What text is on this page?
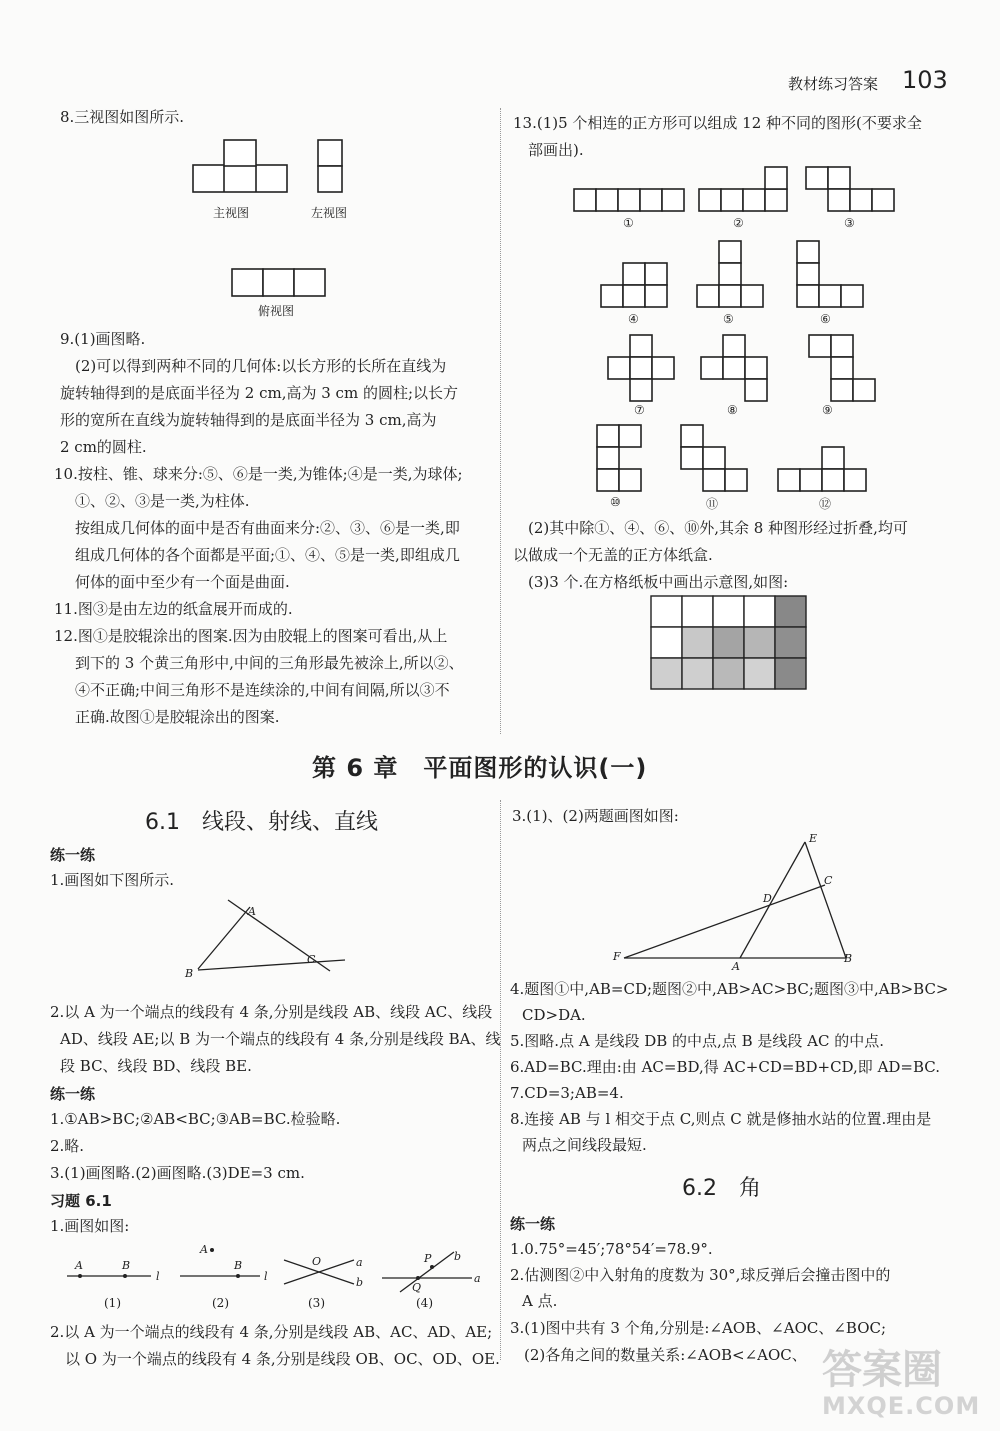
教材练习答案 103
8.三视图如图所示.
主视图	左视图
俯视图
9.(1)画图略.
(2)可以得到两种不同的几何体:以长方形的长所在直线为
旋转轴得到的是底面半径为 2 cm,高为 3 cm 的圆柱;以长方
形的宽所在直线为旋转轴得到的是底面半径为 3 cm,高为
2 cm的圆柱.
10.按柱、锥、球来分:⑤、⑥是一类,为锥体;④是一类,为球体;
①、②、③是一类,为柱体.
按组成几何体的面中是否有曲面来分:②、③、⑥是一类,即
组成几何体的各个面都是平面;①、④、⑤是一类,即组成几
何体的面中至少有一个面是曲面.
11.图③是由左边的纸盒展开而成的.
12.图①是胶辊涂出的图案.因为由胶辊上的图案可看出,从上
到下的 3 个黄三角形中,中间的三角形最先被涂上,所以②、
④不正确;中间三角形不是连续涂的,中间有间隔,所以③不
正确.故图①是胶辊涂出的图案.
13.(1)5 个相连的正方形可以组成 12 种不同的图形(不要求全
部画出).
①	②	③
④	⑤	⑥
⑦	⑧	⑨
⑩	⑪	⑫
(2)其中除①、④、⑥、⑩外,其余 8 种图形经过折叠,均可
以做成一个无盖的正方体纸盒.
(3)3 个.在方格纸板中画出示意图,如图:
第 6 章　平面图形的认识(一)
6.1　线段、射线、直线
练一练
1.画图如下图所示.
A
B
C
2.以 A 为一个端点的线段有 4 条,分别是线段 AB、线段 AC、线段
AD、线段 AE;以 B 为一个端点的线段有 4 条,分别是线段 BA、线
段 BC、线段 BD、线段 BE.
练一练
1.①AB>BC;②AB<BC;③AB=BC.检验略.
2.略.
3.(1)画图略.(2)画图略.(3)DE=3 cm.
习题 6.1
1.画图如图:
A	B
l
(1)
A
B
l
(2)
O	a
b
(3)
P b
Q
a
(4)
2.以 A 为一个端点的线段有 4 条,分别是线段 AB、AC、AD、AE;
以 O 为一个端点的线段有 4 条,分别是线段 OB、OC、OD、OE.
3.(1)、(2)两题画图如图:
E
C
D
F
A
B
4.题图①中,AB=CD;题图②中,AB>AC>BC;题图③中,AB>BC>
CD>DA.
5.图略.点 A 是线段 DB 的中点,点 B 是线段 AC 的中点.
6.AD=BC.理由:由 AC=BD,得 AC+CD=BD+CD,即 AD=BC.
7.CD=3;AB=4.
8.连接 AB 与 l 相交于点 C,则点 C 就是修抽水站的位置.理由是
两点之间线段最短.
6.2　角
练一练
1.0.75°=45′;78°54′=78.9°.
2.估测图②中入射角的度数为 30°,球反弹后会撞击图中的
A 点.
3.(1)图中共有 3 个角,分别是:∠AOB、∠AOC、∠BOC;
(2)各角之间的数量关系:∠AOB<∠AOC、 答案圈
MXQE.COM
